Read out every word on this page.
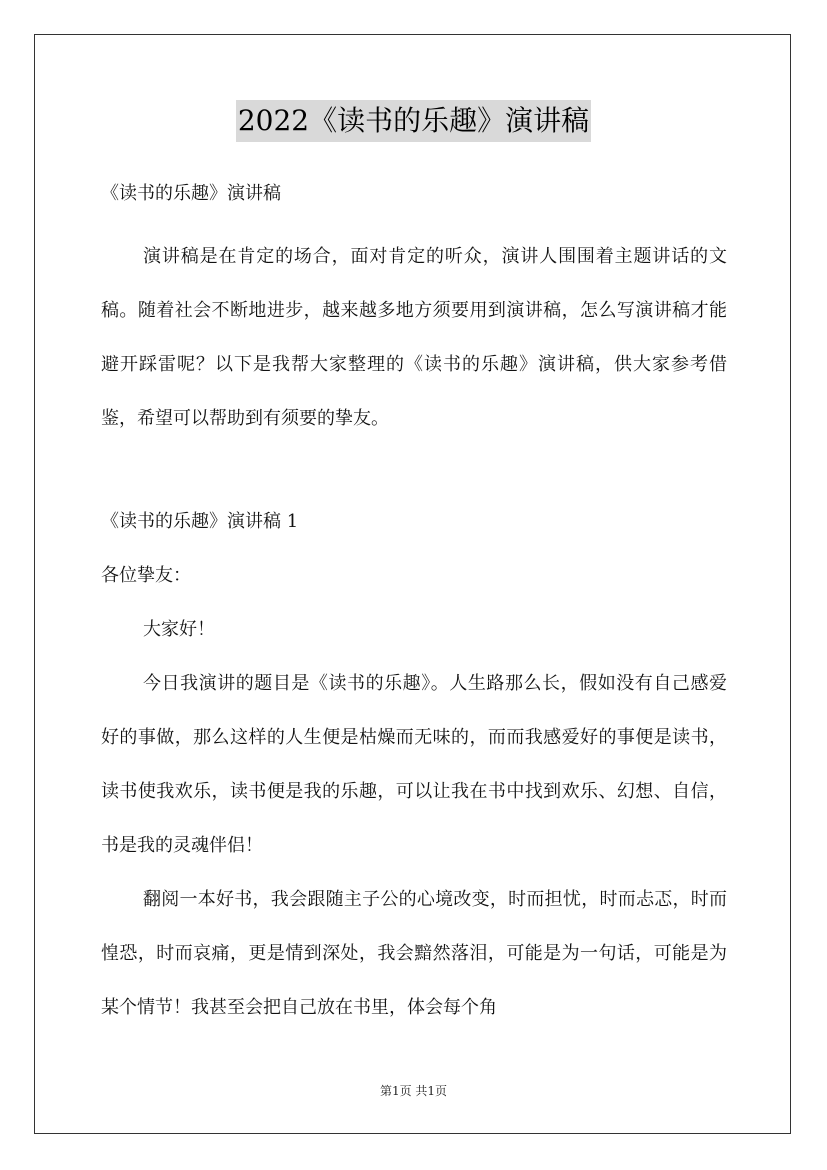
2022《读书的乐趣》演讲稿
《读书的乐趣》演讲稿

演讲稿是在肯定的场合，面对肯定的听众，演讲人围围着主题讲话的文稿。随着社会不断地进步，越来越多地方须要用到演讲稿，怎么写演讲稿才能避开踩雷呢？以下是我帮大家整理的《读书的乐趣》演讲稿，供大家参考借鉴，希望可以帮助到有须要的挚友。

《读书的乐趣》演讲稿 1
各位挚友：
大家好！

今日我演讲的题目是《读书的乐趣》。人生路那么长，假如没有自己感爱好的事做，那么这样的人生便是枯燥而无味的，而而我感爱好的事便是读书，读书使我欢乐，读书便是我的乐趣，可以让我在书中找到欢乐、幻想、自信，书是我的灵魂伴侣！

翻阅一本好书，我会跟随主子公的心境改变，时而担忧，时而忐忑，时而惶恐，时而哀痛，更是情到深处，我会黯然落泪，可能是为一句话，可能是为某个情节！我甚至会把自己放在书里，体会每个角

第1页 共1页
